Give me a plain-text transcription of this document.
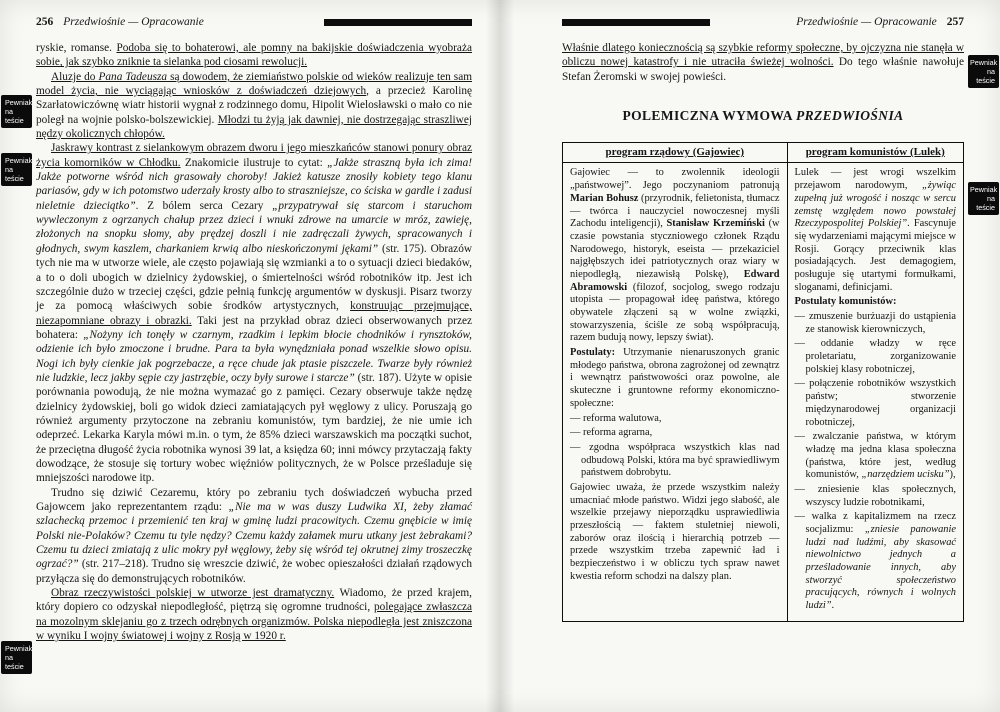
256 Przedwiośnie — Opracowanie

ryskie, romanse. Podoba się to bohaterowi, ale pomny na bakijskie doświadczenia wyobraża sobie, jak szybko zniknie ta sielanka pod ciosami rewolucji.

Aluzje do Pana Tadeusza są dowodem, że ziemiaństwo polskie od wieków realizuje ten sam model życia, nie wyciągając wniosków z doświadczeń dziejowych, a przecież Karolinę Szarłatowiczównę wiatr historii wygnał z rodzinnego domu, Hipolit Wielosławski o mało co nie poległ na wojnie polsko-bolszewickiej. Młodzi tu żyją jak dawniej, nie dostrzegając straszliwej nędzy okolicznych chłopów.

Jaskrawy kontrast z sielankowym obrazem dworu i jego mieszkańców stanowi ponury obraz życia komorników w Chłodku. Znakomicie ilustruje to cytat: „Jakże straszną była ich zima! Jakże potworne wśród nich grasowały choroby! Jakież katusze znosiły kobiety tego klanu pariasów, gdy w ich potomstwo uderzały krosty albo to straszniejsze, co ściska w gardle i zadusi nieletnie dzieciątko”. Z bólem serca Cezary „przypatrywał się starcom i staruchom wywleczonym z ogrzanych chałup przez dzieci i wnuki zdrowe na umarcie w mróz, zawieję, złożonych na snopku słomy, aby prędzej doszli i nie zadręczali żywych, spracowanych i głodnych, swym kaszlem, charkaniem krwią albo nieskończonymi jękami” (str. 175). Obrazów tych nie ma w utworze wiele, ale często pojawiają się wzmianki a to o sytuacji dzieci biedaków, a to o doli ubogich w dzielnicy żydowskiej, o śmiertelności wśród robotników itp. Jest ich szczególnie dużo w trzeciej części, gdzie pełnią funkcję argumentów w dyskusji. Pisarz tworzy je za pomocą właściwych sobie środków artystycznych, konstruując przejmujące, niezapomniane obrazy i obrazki. Taki jest na przykład obraz dzieci obserwowanych przez bohatera: „Nożyny ich tonęły w czarnym, rzadkim i lepkim błocie chodników i rynsztoków, odzienie ich było zmoczone i brudne. Para ta była wynędzniała ponad wszelkie słowo opisu. Nogi ich były cienkie jak pogrzebacze, a ręce chude jak ptasie piszczele. Twarze były również nie ludzkie, lecz jakby sępie czy jastrzębie, oczy były surowe i starcze” (str. 187). Użyte w opisie porównania powodują, że nie można wymazać go z pamięci. Cezary obserwuje także nędzę dzielnicy żydowskiej, boli go widok dzieci zamiatających pył węglowy z ulicy. Poruszają go również argumenty przytoczone na zebraniu komunistów, tym bardziej, że nie umie ich odeprzeć. Lekarka Karyla mówi m.in. o tym, że 85% dzieci warszawskich ma początki suchot, że przeciętna długość życia robotnika wynosi 39 lat, a księdza 60; inni mówcy przytaczają fakty dowodzące, że stosuje się tortury wobec więźniów politycznych, że w Polsce prześladuje się mniejszości narodowe itp.

Trudno się dziwić Cezaremu, który po zebraniu tych doświadczeń wybucha przed Gajowcem jako reprezentantem rządu: „Nie ma w was duszy Ludwika XI, żeby złamać szlachecką przemoc i przemienić ten kraj w gminę ludzi pracowitych. Czemu gnębicie w imię Polski nie-Polaków? Czemu tu tyle nędzy? Czemu każdy załamek muru utkany jest żebrakami? Czemu tu dzieci zmiatają z ulic mokry pył węglowy, żeby się wśród tej okrutnej zimy troszeczkę ogrzać?” (str. 217–218). Trudno się wreszcie dziwić, że wobec opieszałości działań rządowych przyłącza się do demonstrujących robotników.

Obraz rzeczywistości polskiej w utworze jest dramatyczny. Wiadomo, że przed krajem, który dopiero co odzyskał niepodległość, piętrzą się ogromne trudności, polegające zwłaszcza na mozolnym sklejaniu go z trzech odrębnych organizmów. Polska niepodległa jest zniszczona w wyniku I wojny światowej i wojny z Rosją w 1920 r.

Przedwiośnie — Opracowanie 257

Właśnie dlatego koniecznością są szybkie reformy społeczne, by ojczyzna nie stanęła w obliczu nowej katastrofy i nie utraciła świeżej wolności. Do tego właśnie nawołuje Stefan Żeromski w swojej powieści.

POLEMICZNA WYMOWA PRZEDWIOŚNIA
program rządowy (Gajowiec)	program komunistów (Lulek)

Gajowiec — to zwolennik ideologii „państwowej”. Jego poczynaniom patronują Marian Bohusz (przyrodnik, felietonista, tłumacz — twórca i nauczyciel nowoczesnej myśli Zachodu inteligencji), Stanisław Krzemiński (w czasie powstania styczniowego członek Rządu Narodowego, historyk, eseista — przekaziciel najgłębszych idei patriotycznych oraz wiary w niepodległą, niezawisłą Polskę), Edward Abramowski (filozof, socjolog, swego rodzaju utopista — propagował ideę państwa, którego obywatele złączeni są w wolne związki, stowarzyszenia, ściśle ze sobą współpracują, razem budują nowy, lepszy świat).

Postulaty: Utrzymanie nienaruszonych granic młodego państwa, obrona zagrożonej od zewnątrz i wewnątrz państwowości oraz powolne, ale skuteczne i gruntowne reformy ekonomiczno-społeczne:

— reforma walutowa,

— reforma agrarna,

— zgodna współpraca wszystkich klas nad odbudową Polski, która ma być sprawiedliwym państwem dobrobytu.

Gajowiec uważa, że przede wszystkim należy umacniać młode państwo. Widzi jego słabość, ale wszelkie przejawy nieporządku usprawiedliwia przeszłością — faktem stuletniej niewoli, zaborów oraz ilością i hierarchią potrzeb — przede wszystkim trzeba zapewnić ład i bezpieczeństwo i w obliczu tych spraw nawet kwestia reform schodzi na dalszy plan.

Lulek — jest wrogi wszelkim przejawom narodowym, „żywiąc zupełną już wrogość i nosząc w sercu zemstę względem nowo powstałej Rzeczypospolitej Polskiej”. Fascynuje się wydarzeniami mającymi miejsce w Rosji. Gorący przeciwnik klas posiadających. Jest demagogiem, posługuje się utartymi formułkami, sloganami, definicjami.

Postulaty komunistów:

— zmuszenie burżuazji do ustąpienia ze stanowisk kierowniczych,

— oddanie władzy w ręce proletariatu, zorganizowanie polskiej klasy robotniczej,

— połączenie robotników wszystkich państw; stworzenie międzynarodowej organizacji robotniczej,

— zwalczanie państwa, w którym władzę ma jedna klasa społeczna (państwa, które jest, według komunistów, „narzędziem ucisku”),

— zniesienie klas społecznych, wszyscy ludzie robotnikami,

— walka z kapitalizmem na rzecz socjalizmu: „zniesie panowanie ludzi nad ludźmi, aby skasować niewolnictwo jednych a prześladowanie innych, aby stworzyć społeczeństwo pracujących, równych i wolnych ludzi”.

Pewniak
na teście
Pewniak
na teście
Pewniak
na teście
Pewniak
na teście
Pewniak
na teście
